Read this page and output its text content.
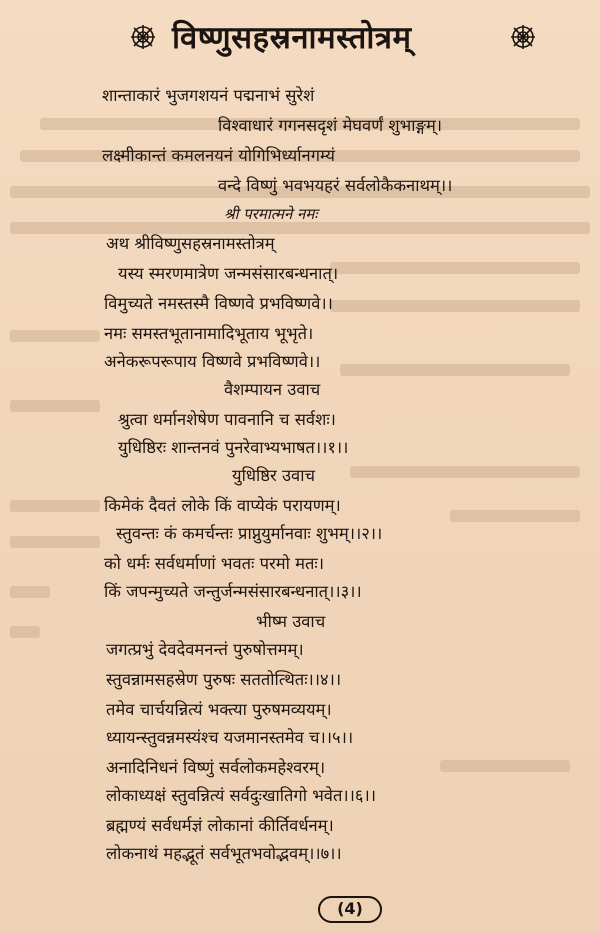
विष्णुसहस्रनामस्तोत्रम्
शान्ताकारं भुजगशयनं पद्मनाभं सुरेशं
विश्वाधारं गगनसदृशं मेघवर्णं शुभाङ्गम्।
लक्ष्मीकान्तं कमलनयनं योगिभिर्ध्यानगम्यं
वन्दे विष्णुं भवभयहरं सर्वलोकैकनाथम्।।
श्री परमात्मने नमः
अथ श्रीविष्णुसहस्रनामस्तोत्रम्
यस्य स्मरणमात्रेण जन्मसंसारबन्धनात्।
विमुच्यते नमस्तस्मै विष्णवे प्रभविष्णवे।।
नमः समस्तभूतानामादिभूताय भूभृते।
अनेकरूपरूपाय विष्णवे प्रभविष्णवे।।
वैशम्पायन उवाच
श्रुत्वा धर्मानशेषेण पावनानि च सर्वशः।
युधिष्ठिरः शान्तनवं पुनरेवाभ्यभाषत।।१।।
युधिष्ठिर उवाच
किमेकं दैवतं लोके किं वाप्येकं परायणम्।
स्तुवन्तः कं कमर्चन्तः प्राप्नुयुर्मानवाः शुभम्।।२।।
को धर्मः सर्वधर्माणां भवतः परमो मतः।
किं जपन्मुच्यते जन्तुर्जन्मसंसारबन्धनात्।।३।।
भीष्म उवाच
जगत्प्रभुं देवदेवमनन्तं पुरुषोत्तमम्।
स्तुवन्नामसहस्रेण पुरुषः सततोत्थितः।।४।।
तमेव चार्चयन्नित्यं भक्त्या पुरुषमव्ययम्।
ध्यायन्स्तुवन्नमस्यंश्च यजमानस्तमेव च।।५।।
अनादिनिधनं विष्णुं सर्वलोकमहेश्वरम्।
लोकाध्यक्षं स्तुवन्नित्यं सर्वदुःखातिगो भवेत।।६।।
ब्रह्मण्यं सर्वधर्मज्ञं लोकानां कीर्तिवर्धनम्।
लोकनाथं महद्भूतं सर्वभूतभवोद्भवम्।।७।।
(4)
